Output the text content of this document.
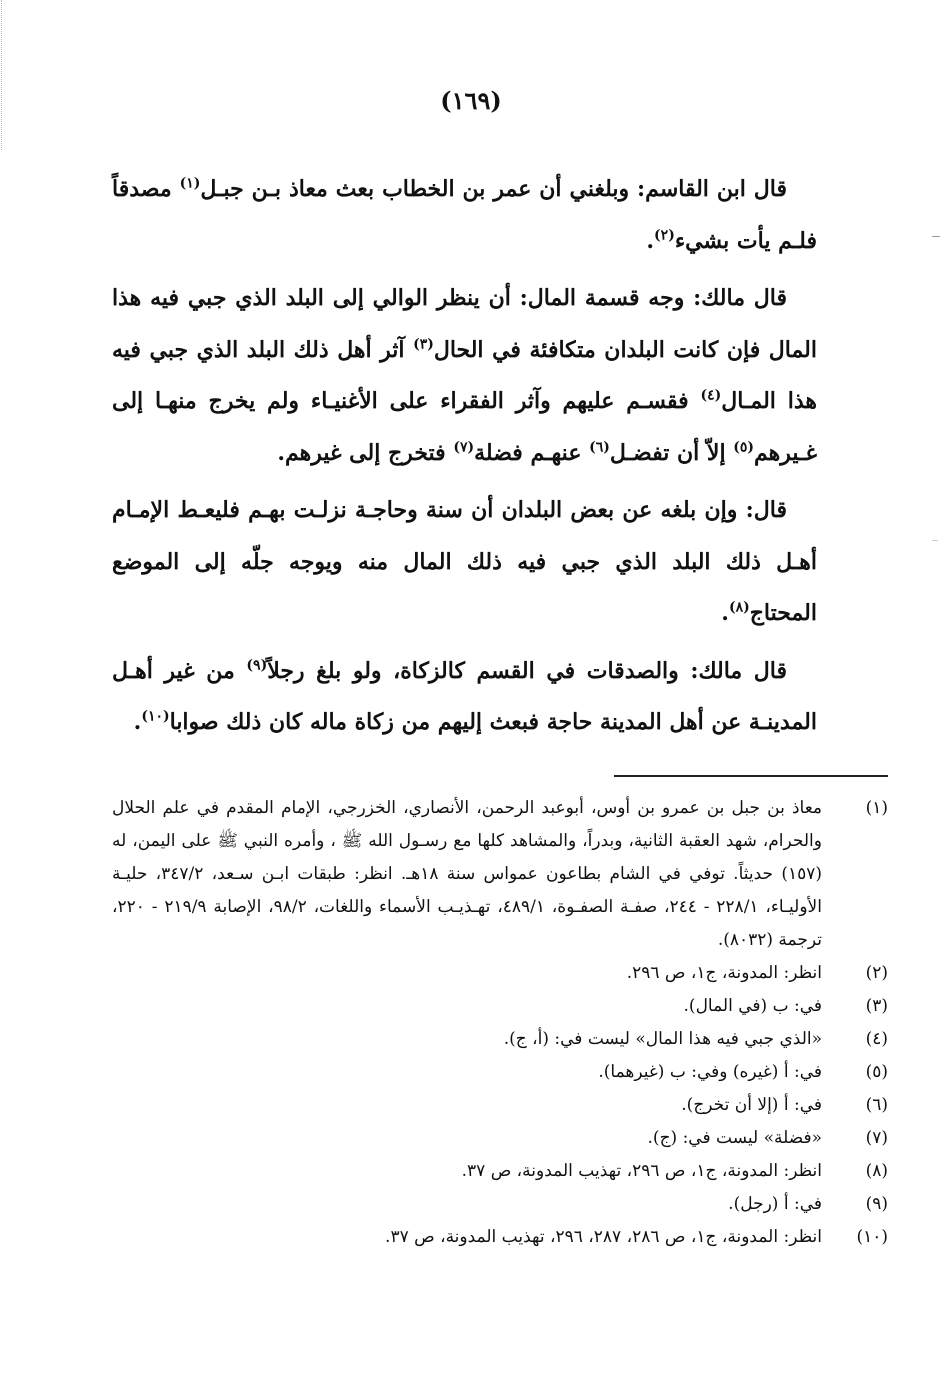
(١٦٩)

قال ابن القاسم: وبلغني أن عمر بن الخطاب بعث معاذ بـن جبـل$^{(١)}$ مصدقاً فلـم يأت بشيء$^{(٢)}$.

قال مالك: وجه قسمة المال: أن ينظر الوالي إلى البلد الذي جبي فيه هذا المال فإن كانت البلدان متكافئة في الحال$^{(٣)}$ آثر أهل ذلك البلد الذي جبي فيه هذا المـال$^{(٤)}$ فقسـم عليهم وآثر الفقراء على الأغنيـاء ولم يخرج منهـا إلى غـيرهم$^{(٥)}$ إلاّ أن تفضـل$^{(٦)}$ عنهـم فضلة$^{(٧)}$ فتخرج إلى غيرهم.

قال: وإن بلغه عن بعض البلدان أن سنة وحاجـة نزلـت بهـم فليعـط الإمـام أهـل ذلك البلد الذي جبي فيه ذلك المال منه ويوجه جلّه إلى الموضع المحتاج$^{(٨)}$.

قال مالك: والصدقات في القسم كالزكاة، ولو بلغ رجلاً$^{(٩)}$ من غير أهـل المدينـة عن أهل المدينة حاجة فبعث إليهم من زكاة ماله كان ذلك صوابا$^{(١٠)}$.

(١)
معاذ بن جبل بن عمرو بن أوس، أبوعبد الرحمن، الأنصاري، الخزرجي، الإمام المقدم في علم الحلال والحرام، شهد العقبة الثانية، وبدراً، والمشاهد كلها مع رسـول الله ﷺ ، وأمره النبي ﷺ على اليمن، له (١٥٧) حديثاً. توفي في الشام بطاعون عمواس سنة ١٨هـ. انظر: طبقات ابـن سـعد، ٣٤٧/٢، حليـة الأوليـاء، ٢٢٨/١ - ٢٤٤، صفـة الصفـوة، ٤٨٩/١، تهـذيـب الأسماء واللغات، ٩٨/٢، الإصابة ٢١٩/٩ - ٢٢٠، ترجمة (٨٠٣٢).
(٢)
انظر: المدونة، ج١، ص ٢٩٦.
(٣)
في: ب (في المال).
(٤)
«الذي جبي فيه هذا المال» ليست في: (أ، ج).
(٥)
في: أ (غيره) وفي: ب (غيرهما).
(٦)
في: أ (إلا أن تخرج).
(٧)
«فضلة» ليست في: (ج).
(٨)
انظر: المدونة، ج١، ص ٢٩٦، تهذيب المدونة، ص ٣٧.
(٩)
في: أ (رجل).
(١٠)
انظر: المدونة، ج١، ص ٢٨٦، ٢٨٧، ٢٩٦، تهذيب المدونة، ص ٣٧.
